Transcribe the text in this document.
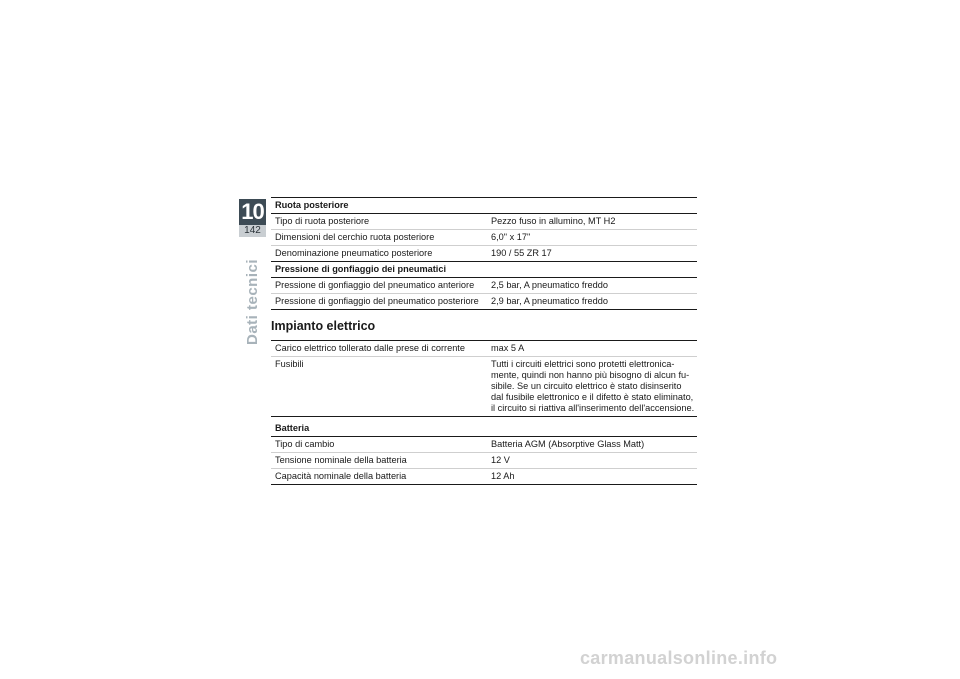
10
142
Dati tecnici
Ruota posteriore	
Tipo di ruota posteriore	Pezzo fuso in allumino, MT H2
Dimensioni del cerchio ruota posteriore	6,0" x 17"
Denominazione pneumatico posteriore	190 / 55 ZR 17
Pressione di gonfiaggio dei pneumatici	
Pressione di gonfiaggio del pneumatico anteriore	2,5 bar, A pneumatico freddo
Pressione di gonfiaggio del pneumatico posteriore	2,9 bar, A pneumatico freddo
Impianto elettrico
Carico elettrico tollerato dalle prese di corrente	max 5 A
Fusibili	Tutti i circuiti elettrici sono protetti elettronica-
mente, quindi non hanno più bisogno di alcun fu-
sibile. Se un circuito elettrico è stato disinserito
dal fusibile elettronico e il difetto è stato eliminato,
il circuito si riattiva all'inserimento dell'accensione.
Batteria	
Tipo di cambio	Batteria AGM (Absorptive Glass Matt)
Tensione nominale della batteria	12 V
Capacità nominale della batteria	12 Ah
carmanualsonline.info
